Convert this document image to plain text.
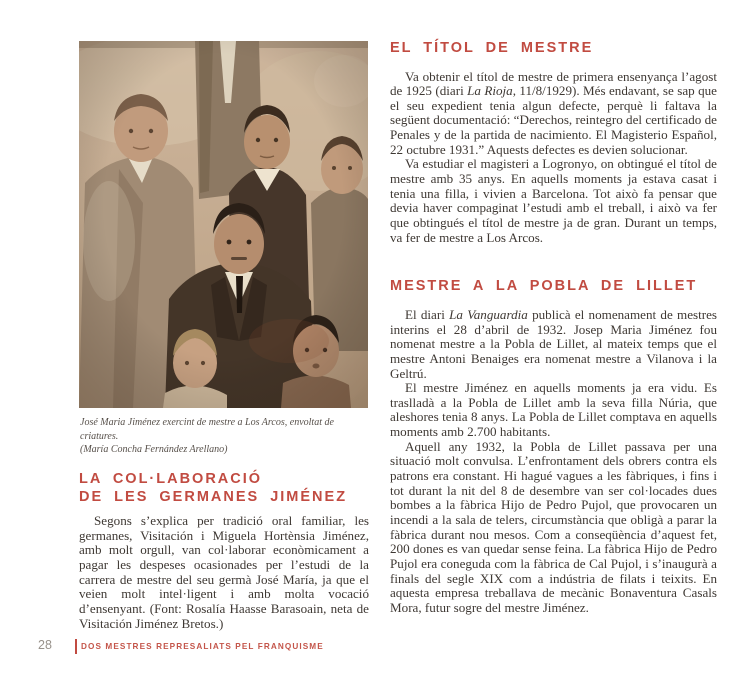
José Maria Jiménez exercint de mestre a Los Arcos, envoltat de criatures.
(María Concha Fernández Arellano)
LA COL·LABORACIÓ
DE LES GERMANES JIMÉNEZ

Segons s’explica per tradició oral familiar, les germanes, Visitación i Miguela Hortènsia Jiménez, amb molt orgull, van col·laborar econòmicament a pagar les despeses ocasionades per l’estudi de la carrera de mestre del seu germà José María, ja que el veien molt intel·ligent i amb molta vocació d’ensenyant. (Font: Rosalía Haasse Barasoain, neta de Visitación Jiménez Bretos.)

EL TÍTOL DE MESTRE

Va obtenir el títol de mestre de primera ensenyança l’agost de 1925 (diari La Rioja, 11/8/1929). Més endavant, se sap que el seu expedient tenia algun defecte, perquè li faltava la següent documentació: “Derechos, reintegro del certificado de Penales y de la partida de nacimiento. El Magisterio Español, 22 octubre 1931.” Aquests defectes es devien solucionar.

Va estudiar el magisteri a Logronyo, on obtingué el títol de mestre amb 35 anys. En aquells moments ja estava casat i tenia una filla, i vivien a Barcelona. Tot això fa pensar que devia haver compaginat l’estudi amb el treball, i això va fer que obtingués el títol de mestre ja de gran. Durant un temps, va fer de mestre a Los Arcos.

MESTRE A LA POBLA DE LILLET

El diari La Vanguardia publicà el nomenament de mestres interins el 28 d’abril de 1932. Josep Maria Jiménez fou nomenat mestre a la Pobla de Lillet, al mateix temps que el mestre Antoni Benaiges era nomenat mestre a Vilanova i la Geltrú.

El mestre Jiménez en aquells moments ja era vidu. Es traslladà a la Pobla de Lillet amb la seva filla Núria, que aleshores tenia 8 anys. La Pobla de Lillet comptava en aquells moments amb 2.700 habitants.

Aquell any 1932, la Pobla de Lillet passava per una situació molt convulsa. L’enfrontament dels obrers contra els patrons era constant. Hi hagué vagues a les fàbriques, i fins i tot durant la nit del 8 de desembre van ser col·locades dues bombes a la fàbrica Hijo de Pedro Pujol, que provocaren un incendi a la sala de telers, circumstància que obligà a parar la fàbrica durant nou mesos. Com a conseqüència d’aquest fet, 200 dones es van quedar sense feina. La fàbrica Hijo de Pedro Pujol era coneguda com la fàbrica de Cal Pujol, i s’inaugurà a finals del segle XIX com a indústria de filats i teixits. En aquesta empresa treballava de mecànic Bonaventura Casals Mora, futur sogre del mestre Jiménez.

28	DOS MESTRES REPRESALIATS PEL FRANQUISME
